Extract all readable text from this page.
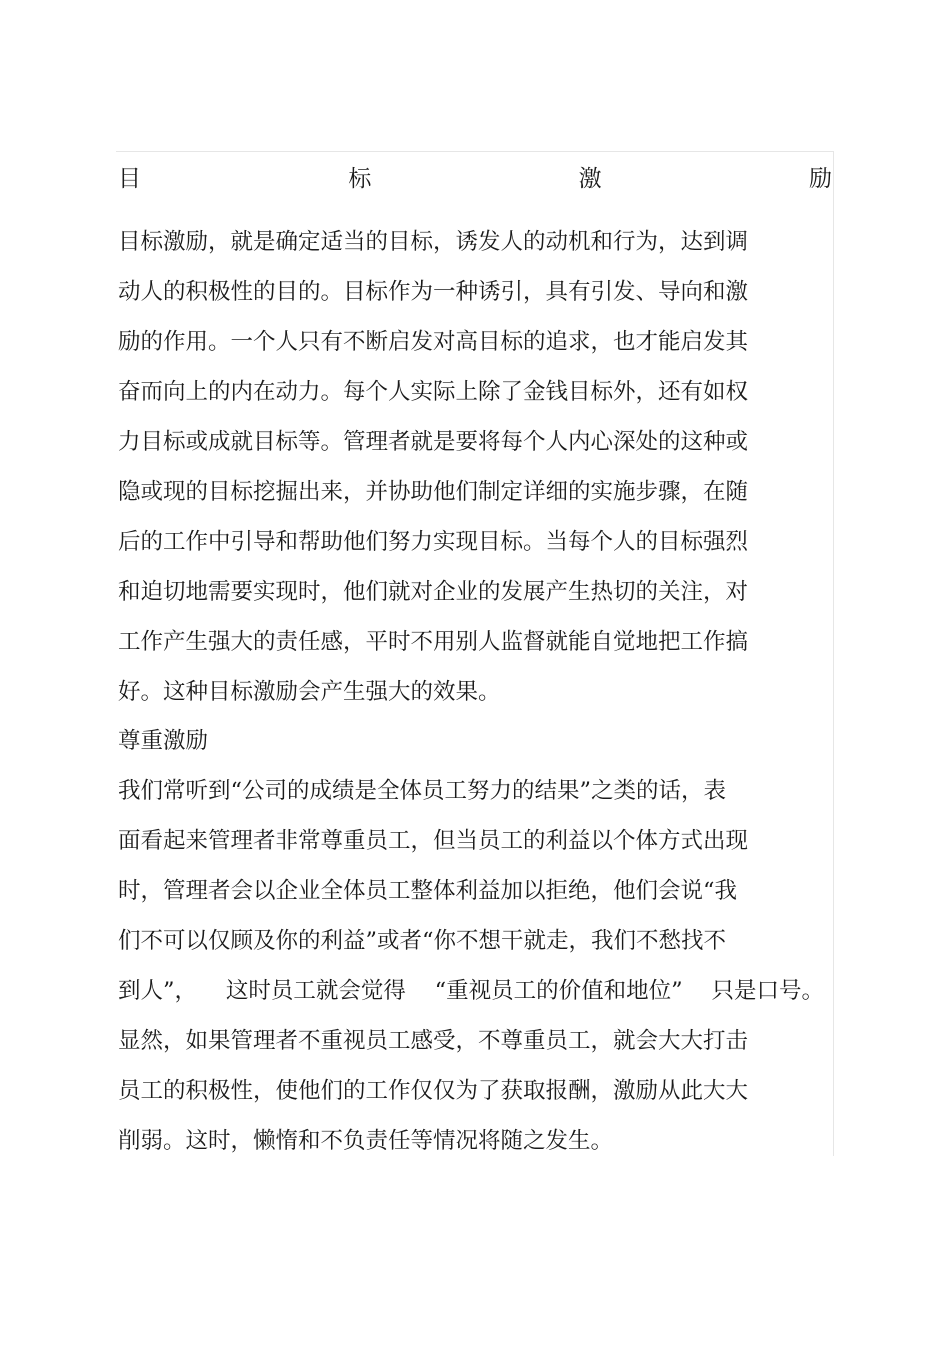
目	标	激	励
目标激励，就是确定适当的目标，诱发人的动机和行为，达到调
动人的积极性的目的。目标作为一种诱引，具有引发、导向和激
励的作用。一个人只有不断启发对高目标的追求，也才能启发其
奋而向上的内在动力。每个人实际上除了金钱目标外，还有如权
力目标或成就目标等。管理者就是要将每个人内心深处的这种或
隐或现的目标挖掘出来，并协助他们制定详细的实施步骤，在随
后的工作中引导和帮助他们努力实现目标。当每个人的目标强烈
和迫切地需要实现时，他们就对企业的发展产生热切的关注，对
工作产生强大的责任感，平时不用别人监督就能自觉地把工作搞
好。这种目标激励会产生强大的效果。
尊重激励
我们常听到“公司的成绩是全体员工努力的结果”之类的话，表
面看起来管理者非常尊重员工，但当员工的利益以个体方式出现
时，管理者会以企业全体员工整体利益加以拒绝，他们会说“我
们不可以仅顾及你的利益”或者“你不想干就走，我们不愁找不
到人”， 这时员工就会觉得 “重视员工的价值和地位” 只是口号。
显然，如果管理者不重视员工感受，不尊重员工，就会大大打击
员工的积极性，使他们的工作仅仅为了获取报酬，激励从此大大
削弱。这时，懒惰和不负责任等情况将随之发生。
